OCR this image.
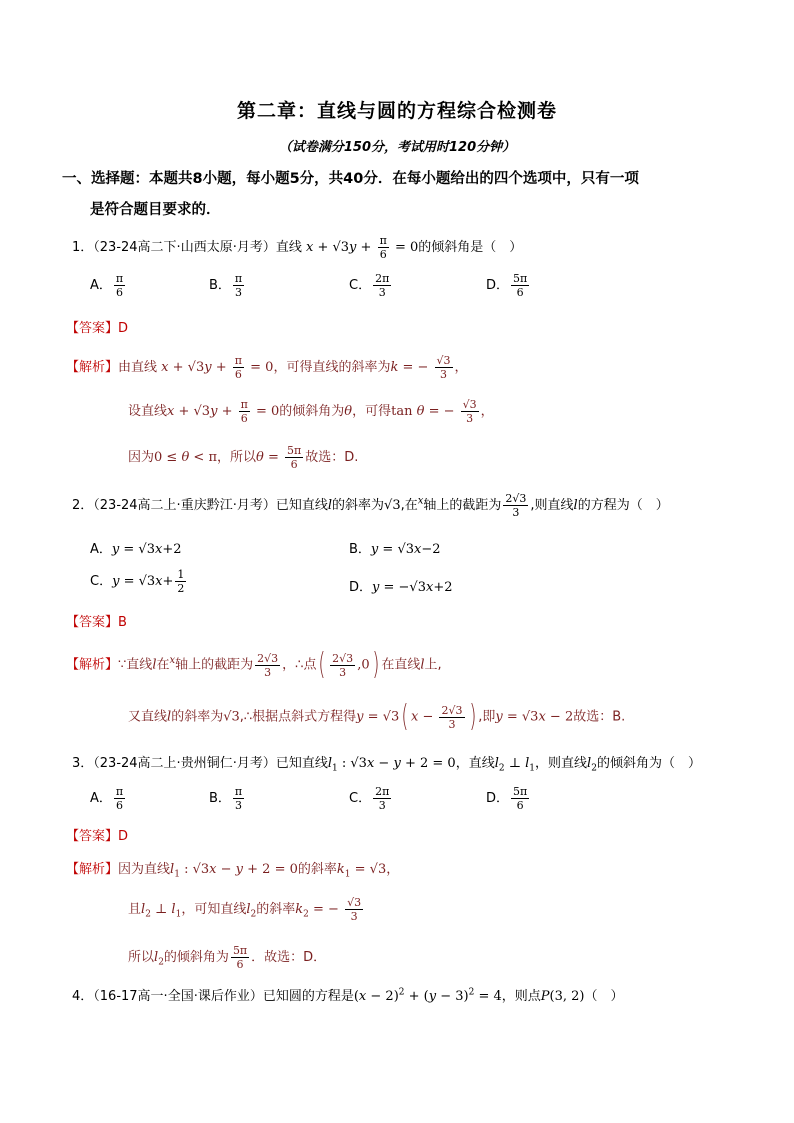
第二章：直线与圆的方程综合检测卷
（试卷满分150分，考试用时120分钟）
一、选择题：本题共8小题，每小题5分，共40分．在每小题给出的四个选项中，只有一项
是符合题目要求的．
1．（23-24高二下·山西太原·月考）直线 $x + √3y + \frac{\pi}{6} = 0$的倾斜角是（　）
A． $\frac{\pi}{6}$	B． $\frac{\pi}{3}$	C． $\frac{2\pi}{3}$	D． $\frac{5\pi}{6}$
【答案】D
【解析】由直线 $x + √3y + \frac{\pi}{6} = 0$，可得直线的斜率为k = − $\frac{√3}{3}$ ，
设直线$x + √3y + \frac{\pi}{6} = 0$的倾斜角为θ，可得tan θ = − $\frac{√3}{3}$ ，
因为0 ≤ θ < π，所以$\theta = \frac{5\pi}{6}$ 故选：D.
2．（23-24高二上·重庆黔江·月考）已知直线l的斜率为√3,在$^x$轴上的截距为 $\frac{2√3}{3}$ ,则直线l的方程为（　）
A．y = √3x+2	B．y = √3x−2
C．$y = √3x+ \frac{1}{2}$	D．y = −√3x+2
【答案】B
【解析】∵直线l在$^x$轴上的截距为 $\frac{2√3}{3}$ ，∴点( $\frac{2√3}{3} ,0$) 在直线l上,
又直线l的斜率为√3,∴根据点斜式方程得y = √3( $x - \frac{2√3}{3}$ ) ,即y = √3x − 2故选：B.
3．（23-24高二上·贵州铜仁·月考）已知直线$l_1$ : √3x − y + 2 = 0，直线$l_2$ ⊥ $l_1$，则直线$l_2$的倾斜角为（　）
A． $\frac{\pi}{6}$	B． $\frac{\pi}{3}$	C． $\frac{2\pi}{3}$	D． $\frac{5\pi}{6}$
【答案】D
【解析】因为直线$l_1$ : √3x − y + 2 = 0的斜率$k_1 = √3$，
且$l_2$ ⊥ $l_1$，可知直线$l_2$的斜率$k_2$ = − $\frac{√3}{3}$
所以$l_2$的倾斜角为 $\frac{5\pi}{6}$ ．故选：D．
4．（16-17高一·全国·课后作业）已知圆的方程是$(x - 2)^2 + (y - 3)^2 = 4$，则点P(3, 2)（　）
